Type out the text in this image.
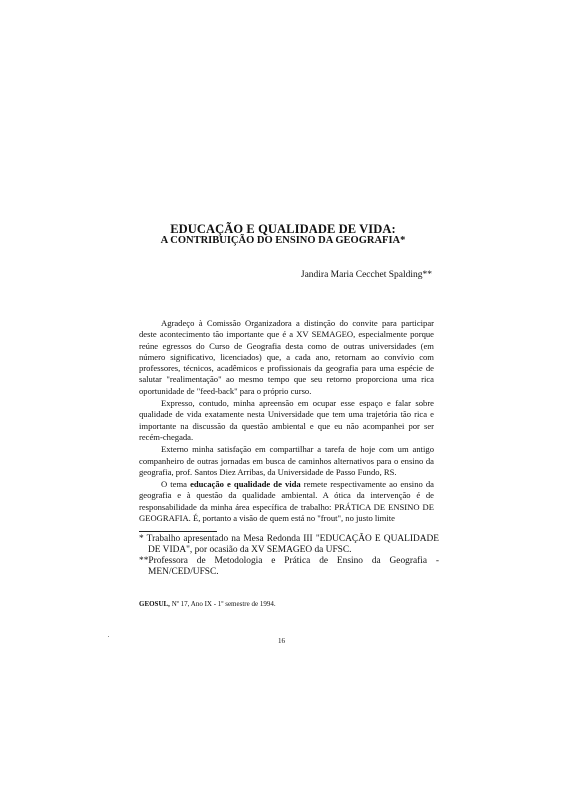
EDUCAÇÃO E QUALIDADE DE VIDA:
A CONTRIBUIÇÃO DO ENSINO DA GEOGRAFIA*
Jandira Maria Cecchet Spalding**

Agradeço à Comissão Organizadora a distinção do convite para participar deste acontecimento tão importante que é a XV SEMAGEO, especialmente porque reúne egressos do Curso de Geografia desta como de outras universidades (em número significativo, licenciados) que, a cada ano, retornam ao convívio com professores, técnicos, acadêmicos e profissionais da geografia para uma espécie de salutar "realimentação" ao mesmo tempo que seu retorno proporciona uma rica oportunidade de "feed-back" para o próprio curso.

Expresso, contudo, minha apreensão em ocupar esse espaço e falar sobre qualidade de vida exatamente nesta Universidade que tem uma trajetória tão rica e importante na discussão da questão ambiental e que eu não acompanhei por ser recém-chegada.

Externo minha satisfação em compartilhar a tarefa de hoje com um antigo companheiro de outras jornadas em busca de caminhos alternativos para o ensino da geografia, prof. Santos Diez Arribas, da Universidade de Passo Fundo, RS.

O tema educação e qualidade de vida remete respectivamente ao ensino da geografia e à questão da qualidade ambiental. A ótica da intervenção é de responsabilidade da minha área específica de trabalho: PRÁTICA DE ENSINO DE GEOGRAFIA. É, portanto a visão de quem está no "frout", no justo limite

* Trabalho apresentado na Mesa Redonda III "EDUCAÇÃO E QUALIDADE DE VIDA", por ocasião da XV SEMAGEO da UFSC.

**Professora de Metodologia e Prática de Ensino da Geografia - MEN/CED/UFSC.

GEOSUL, Nº 17, Ano IX - 1º semestre de 1994.
16
